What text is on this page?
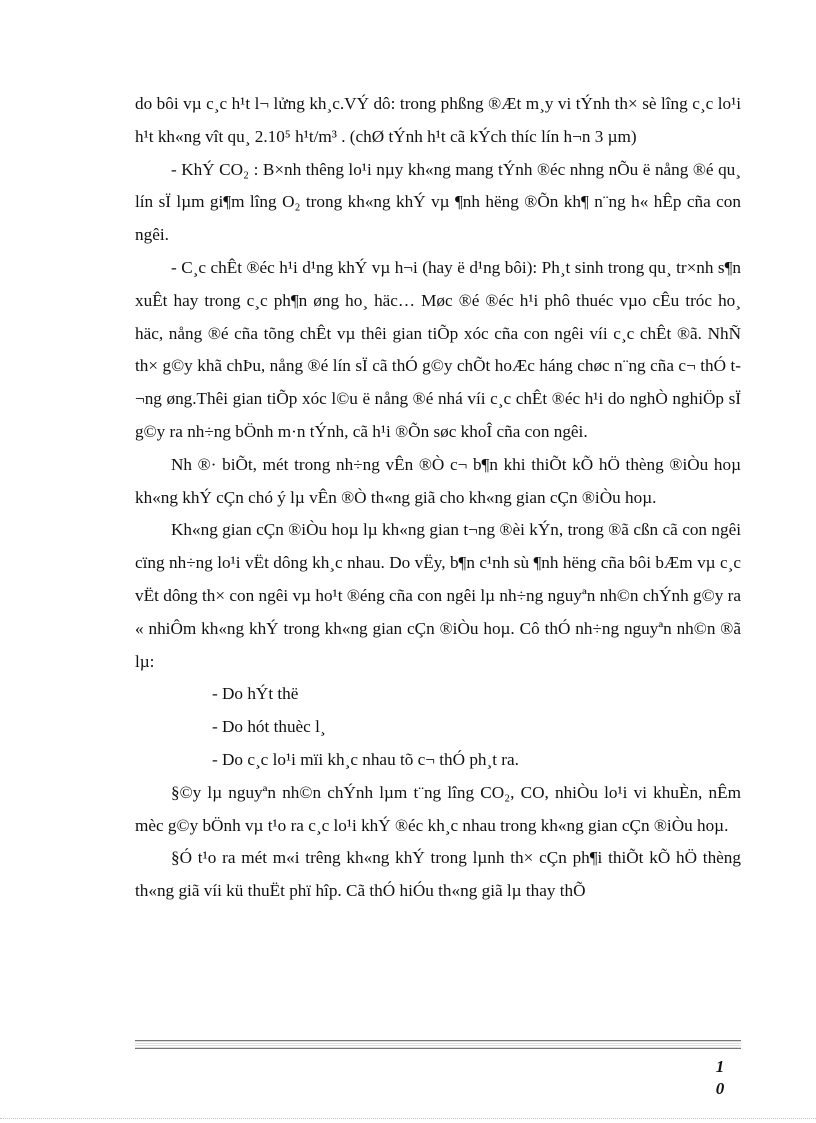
do bôi vµ c¸c h¹t l¬ lửng kh¸c.VÝ dô: trong phßng ®Æt m¸y vi tÝnh th× sè lîng c¸c lo¹i h¹t kh«ng vît qu¸ 2.10⁵ h¹t/m³ . (chØ tÝnh h¹t cã kÝch thíc lín h¬n 3 µm)

- KhÝ CO₂ : B×nh thêng lo¹i nµy kh«ng mang tÝnh ®éc nhng nÕu ë nång ®é qu¸ lín sÏ lµm gi¶m lîng O₂ trong kh«ng khÝ vµ ¶nh hëng ®Õn kh¶ n¨ng h« hÊp cña con ngêi.

- C¸c chÊt ®éc h¹i d¹ng khÝ vµ h¬i (hay ë d¹ng bôi): Ph¸t sinh trong qu¸ tr×nh s¶n xuÊt hay trong c¸c ph¶n øng ho¸ häc… Møc ®é ®éc h¹i phô thuéc vµo cÊu tróc ho¸ häc, nång ®é cña tõng chÊt vµ thêi gian tiÕp xóc cña con ngêi víi c¸c chÊt ®ã. NhÑ th× g©y khã chÞu, nång ®é lín sÏ cã thÓ g©y chÕt hoÆc háng chøc n¨ng cña c¬ thÓ t¬ng øng.Thêi gian tiÕp xóc l©u ë nång ®é nhá víi c¸c chÊt ®éc h¹i do nghÒ nghiÖp sÏ g©y ra nh÷ng bÖnh m·n tÝnh, cã h¹i ®Õn søc khoÎ cña con ngêi.

Nh ®· biÕt, mét trong nh÷ng vÊn ®Ò c¬ b¶n khi thiÕt kÕ hÖ thèng ®iÒu hoµ kh«ng khÝ cÇn chó ý lµ vÊn ®Ò th«ng giã cho kh«ng gian cÇn ®iÒu hoµ.

Kh«ng gian cÇn ®iÒu hoµ lµ kh«ng gian t¬ng ®èi kÝn, trong ®ã cßn cã con ngêi cïng nh÷ng lo¹i vËt dông kh¸c nhau. Do vËy, b¶n c¹nh sù ¶nh hëng cña bôi bÆm vµ c¸c vËt dông th× con ngêi vµ ho¹t ®éng cña con ngêi lµ nh÷ng nguyªn nh©n chÝnh g©y ra « nhiÔm kh«ng khÝ trong kh«ng gian cÇn ®iÒu hoµ. Cô thÓ nh÷ng nguyªn nh©n ®ã lµ:

- Do hÝt thë

- Do hót thuèc l¸

- Do c¸c lo¹i mïi kh¸c nhau tõ c¬ thÓ ph¸t ra.

§©y lµ nguyªn nh©n chÝnh lµm t¨ng lîng CO₂, CO, nhiÒu lo¹i vi khuÈn, nÊm mèc g©y bÖnh vµ t¹o ra c¸c lo¹i khÝ ®éc kh¸c nhau trong kh«ng gian cÇn ®iÒu hoµ.

§Ó t¹o ra mét m«i trêng kh«ng khÝ trong lµnh th× cÇn ph¶i thiÕt kÕ hÖ thèng th«ng giã víi kü thuËt phï hîp. Cã thÓ hiÓu th«ng giã lµ thay thÕ

1
0
